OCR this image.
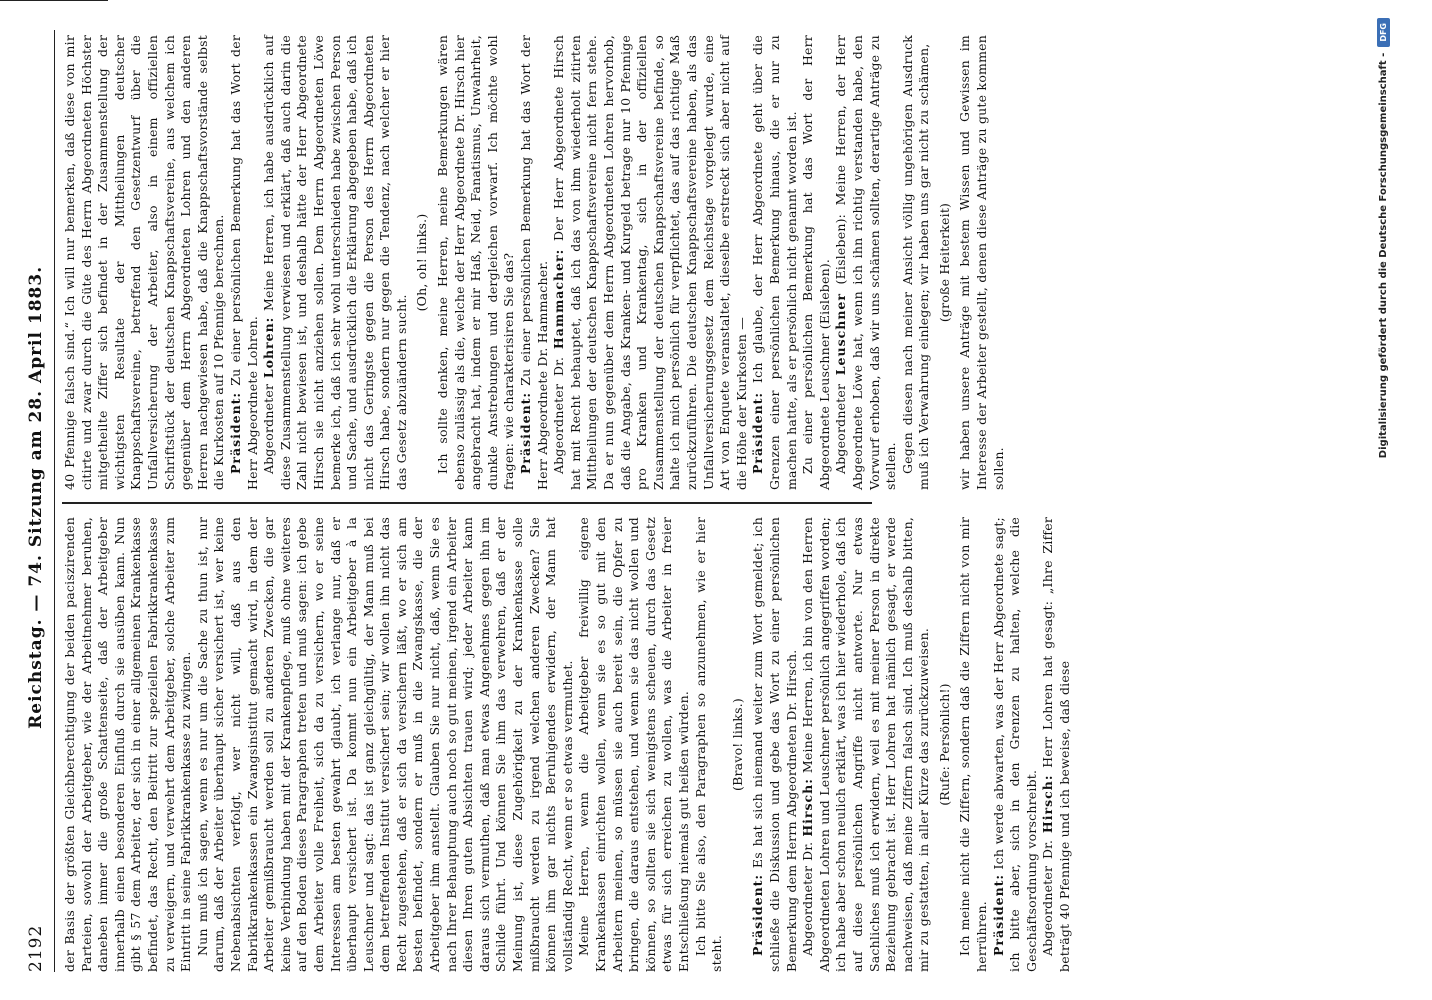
2192
Reichstag. — 74. Sitzung am 28. April 1883.

der Basis der größten Gleichberechtigung der beiden paciszirenden Parteien, sowohl der Arbeitgeber, wie der Arbeitnehmer beruhen, daneben immer die große Schattenseite, daß der Arbeitgeber innerhalb einen besonderen Einfluß durch sie ausüben kann. Nun gibt § 57 dem Arbeiter, der sich in einer allgemeinen Krankenkasse befindet, das Recht, den Beitritt zur speziellen Fabrikkrankenkasse zu verweigern, und verwehrt dem Arbeitgeber, solche Arbeiter zum Eintritt in seine Fabrikkrankenkasse zu zwingen. Nun muß ich sagen, wenn es nur um die Sache zu thun ist, nur darum, daß der Arbeiter überhaupt sicher versichert ist, wer keine Nebenabsichten verfolgt, wer nicht will, daß aus den Fabrikkrankenkassen ein Zwangsinstitut gemacht wird, in dem der Arbeiter gemißbraucht werden soll zu anderen Zwecken, die gar keine Verbindung haben mit der Krankenpflege, muß ohne weiteres auf den Boden dieses Paragraphen treten und muß sagen: ich gebe dem Arbeiter volle Freiheit, sich da zu versichern, wo er seine Interessen am besten gewahrt glaubt, ich verlange nur, daß er überhaupt versichert ist. Da kommt nun ein Arbeitgeber à la Leuschner und sagt: das ist ganz gleichgültig, der Mann muß bei dem betreffenden Institut versichert sein; wir wollen ihn nicht das Recht zugestehen, daß er sich da versichern läßt, wo er sich am besten befindet, sondern er muß in die Zwangskasse, die der Arbeitgeber ihm anstellt. Glauben Sie nur nicht, daß, wenn Sie es nach Ihrer Behauptung auch noch so gut meinen, irgend ein Arbeiter diesen Ihren guten Absichten trauen wird; jeder Arbeiter kann daraus sich vermuthen, daß man etwas Angenehmes gegen ihn im Schilde führt. Und können Sie ihm das verwehren, daß er der Meinung ist, diese Zugehörigkeit zu der Krankenkasse solle mißbraucht werden zu irgend welchen anderen Zwecken? Sie können ihm gar nichts Beruhigendes erwidern, der Mann hat vollständig Recht, wenn er so etwas vermuthet. Meine Herren, wenn die Arbeitgeber freiwillig eigene Krankenkassen einrichten wollen, wenn sie es so gut mit den Arbeitern meinen, so müssen sie auch bereit sein, die Opfer zu bringen, die daraus entstehen, und wenn sie das nicht wollen und können, so sollten sie sich wenigstens scheuen, durch das Gesetz etwas für sich erreichen zu wollen, was die Arbeiter in freier Entschließung niemals gut heißen würden. Ich bitte Sie also, den Paragraphen so anzunehmen, wie er hier steht.

(Bravo! links.)

Präsident: Es hat sich niemand weiter zum Wort gemeldet; ich schließe die Diskussion und gebe das Wort zu einer persönlichen Bemerkung dem Herrn Abgeordneten Dr. Hirsch. Abgeordneter Dr. Hirsch: Meine Herren, ich bin von den Herren Abgeordneten Lohren und Leuschner persönlich angegriffen worden; ich habe aber schon neulich erklärt, was ich hier wiederhole, daß ich auf diese persönlichen Angriffe nicht antworte. Nur etwas Sachliches muß ich erwidern, weil es mit meiner Person in direkte Beziehung gebracht ist. Herr Lohren hat nämlich gesagt, er werde nachweisen, daß meine Ziffern falsch sind. Ich muß deshalb bitten, mir zu gestatten, in aller Kürze das zurückzuweisen. (Rufe: Persönlich!) Ich meine nicht die Ziffern, sondern daß die Ziffern nicht von mir herrühren. Präsident: Ich werde abwarten, was der Herr Abgeordnete sagt; ich bitte aber, sich in den Grenzen zu halten, welche die Geschäftsordnung vorschreibt. Abgeordneter Dr. Hirsch: Herr Lohren hat gesagt: „Ihre Ziffer beträgt 40 Pfennige und ich beweise, daß diese

40 Pfennige falsch sind.“ Ich will nur bemerken, daß diese von mir citirte und zwar durch die Güte des Herrn Abgeordneten Höchster mitgetheilte Ziffer sich befindet in der Zusammenstellung der wichtigsten Resultate der Mittheilungen deutscher Knappschaftsvereine, betreffend den Gesetzentwurf über die Unfallversicherung der Arbeiter, also in einem offiziellen Schriftstück der deutschen Knappschaftsvereine, aus welchem ich gegenüber dem Herrn Abgeordneten Lohren und den anderen Herren nachgewiesen habe, daß die Knappschaftsvorstände selbst die Kurkosten auf 10 Pfennige berechnen. Präsident: Zu einer persönlichen Bemerkung hat das Wort der Herr Abgeordnete Lohren. Abgeordneter Lohren: Meine Herren, ich habe ausdrücklich auf diese Zusammenstellung verwiesen und erklärt, daß auch darin die Zahl nicht bewiesen ist, und deshalb hätte der Herr Abgeordnete Hirsch sie nicht anziehen sollen. Dem Herrn Abgeordneten Löwe bemerke ich, daß ich sehr wohl unterschieden habe zwischen Person und Sache, und ausdrücklich die Erklärung abgegeben habe, daß ich nicht das Geringste gegen die Person des Herrn Abgeordneten Hirsch habe, sondern nur gegen die Tendenz, nach welcher er hier das Gesetz abzuändern sucht.

(Oh, oh! links.) Ich sollte denken, meine Herren, meine Bemerkungen wären ebenso zulässig als die, welche der Herr Abgeordnete Dr. Hirsch hier angebracht hat, indem er mir Haß, Neid, Fanatismus, Unwahrheit, dunkle Anstrebungen und dergleichen vorwarf. Ich möchte wohl fragen: wie charakterisiren Sie das? Präsident: Zu einer persönlichen Bemerkung hat das Wort der Herr Abgeordnete Dr. Hammacher. Abgeordneter Dr. Hammacher: Der Herr Abgeordnete Hirsch hat mit Recht behauptet, daß ich das von ihm wiederholt zitirten Mittheilungen der deutschen Knappschaftsvereine nicht fern stehe. Da er nun gegenüber dem Herrn Abgeordneten Lohren hervorhob, daß die Angabe, das Kranken- und Kurgeld betrage nur 10 Pfennige pro Kranken und Krankentag, sich in der offiziellen Zusammenstellung der deutschen Knappschaftsvereine befinde, so halte ich mich persönlich für verpflichtet, das auf das richtige Maß zurückzuführen. Die deutschen Knappschaftsvereine haben, als das Unfallversicherungsgesetz dem Reichstage vorgelegt wurde, eine Art von Enquete veranstaltet, dieselbe erstreckt sich aber nicht auf die Höhe der Kurkosten — Präsident: Ich glaube, der Herr Abgeordnete geht über die Grenzen einer persönlichen Bemerkung hinaus, die er nur zu machen hatte, als er persönlich nicht genannt worden ist. Zu einer persönlichen Bemerkung hat das Wort der Herr Abgeordnete Leuschner (Eisleben). Abgeordneter Leuschner (Eisleben): Meine Herren, der Herr Abgeordnete Löwe hat, wenn ich ihn richtig verstanden habe, den Vorwurf erhoben, daß wir uns schämen sollten, derartige Anträge zu stellen. Gegen diesen nach meiner Ansicht völlig ungehörigen Ausdruck muß ich Verwahrung einlegen; wir haben uns gar nicht zu schämen, (große Heiterkeit) wir haben unsere Anträge mit bestem Wissen und Gewissen im Interesse der Arbeiter gestellt, denen diese Anträge zu gute kommen sollen.

Digitalisierung gefördert durch die Deutsche Forschungsgemeinschaft -
DFG
